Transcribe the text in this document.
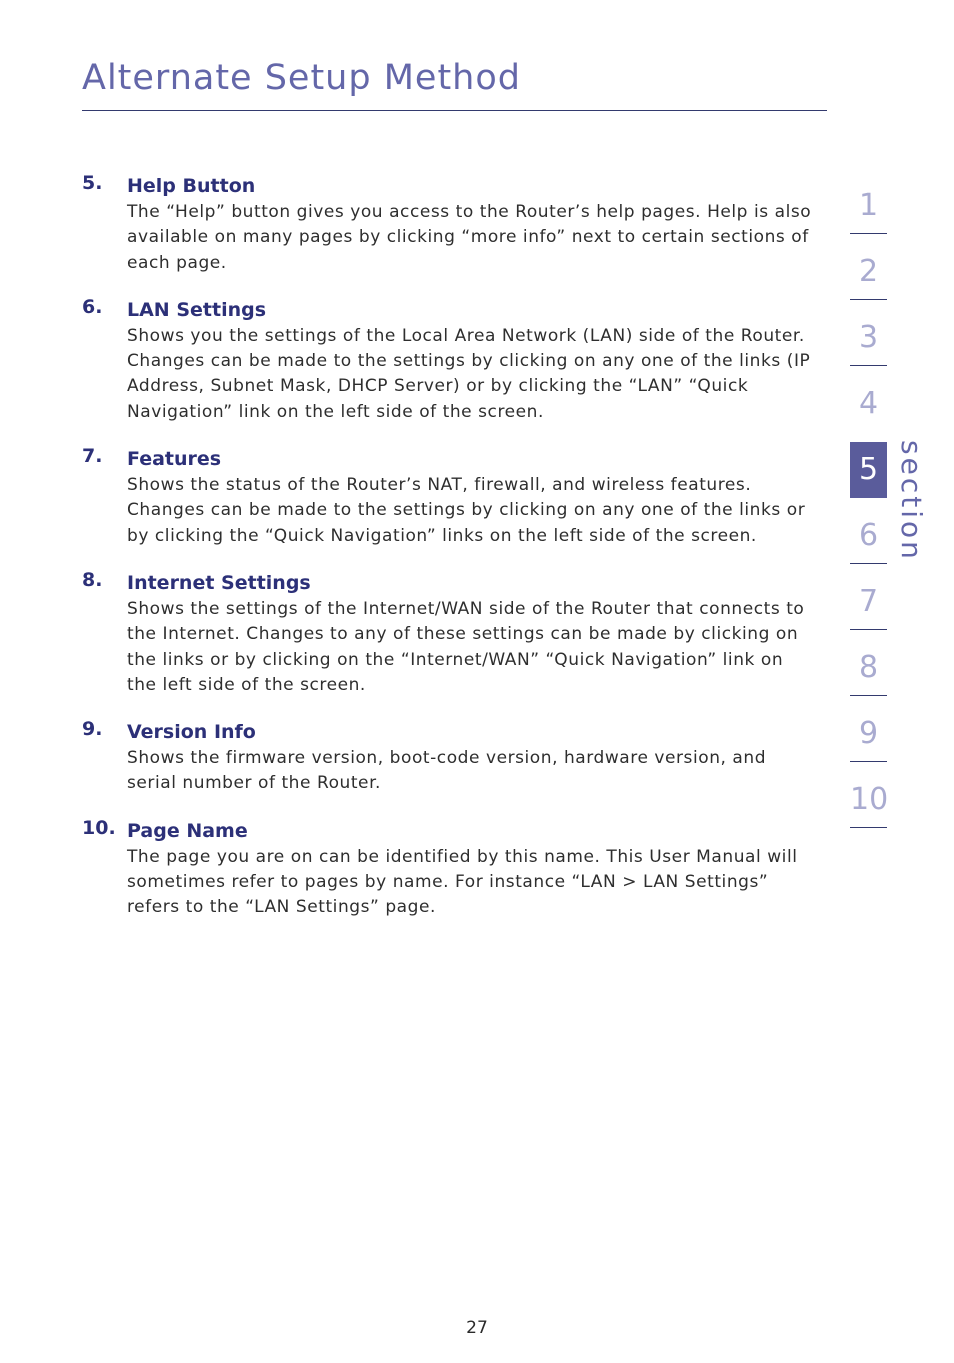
Alternate Setup Method
5.	Help Button
The “Help” button gives you access to the Router’s help pages. Help is also available on many pages by clicking “more info” next to certain sections of each page.
6.	LAN Settings
Shows you the settings of the Local Area Network (LAN) side of the Router. Changes can be made to the settings by clicking on any one of the links (IP Address, Subnet Mask, DHCP Server) or by clicking the “LAN” “Quick Navigation” link on the left side of the screen.
7.	Features
Shows the status of the Router’s NAT, firewall, and wireless features. Changes can be made to the settings by clicking on any one of the links or by clicking the “Quick Navigation” links on the left side of the screen.
8.	Internet Settings
Shows the settings of the Internet/WAN side of the Router that connects to the Internet. Changes to any of these settings can be made by clicking on the links or by clicking on the “Internet/WAN” “Quick Navigation” link on the left side of the screen.
9.	Version Info
Shows the firmware version, boot-code version, hardware version, and serial number of the Router.
10. Page Name
The page you are on can be identified by this name. This User Manual will sometimes refer to pages by name. For instance “LAN > LAN Settings” refers to the “LAN Settings” page.
1
2
3
4
5
6
7
8
9
10
section
27
